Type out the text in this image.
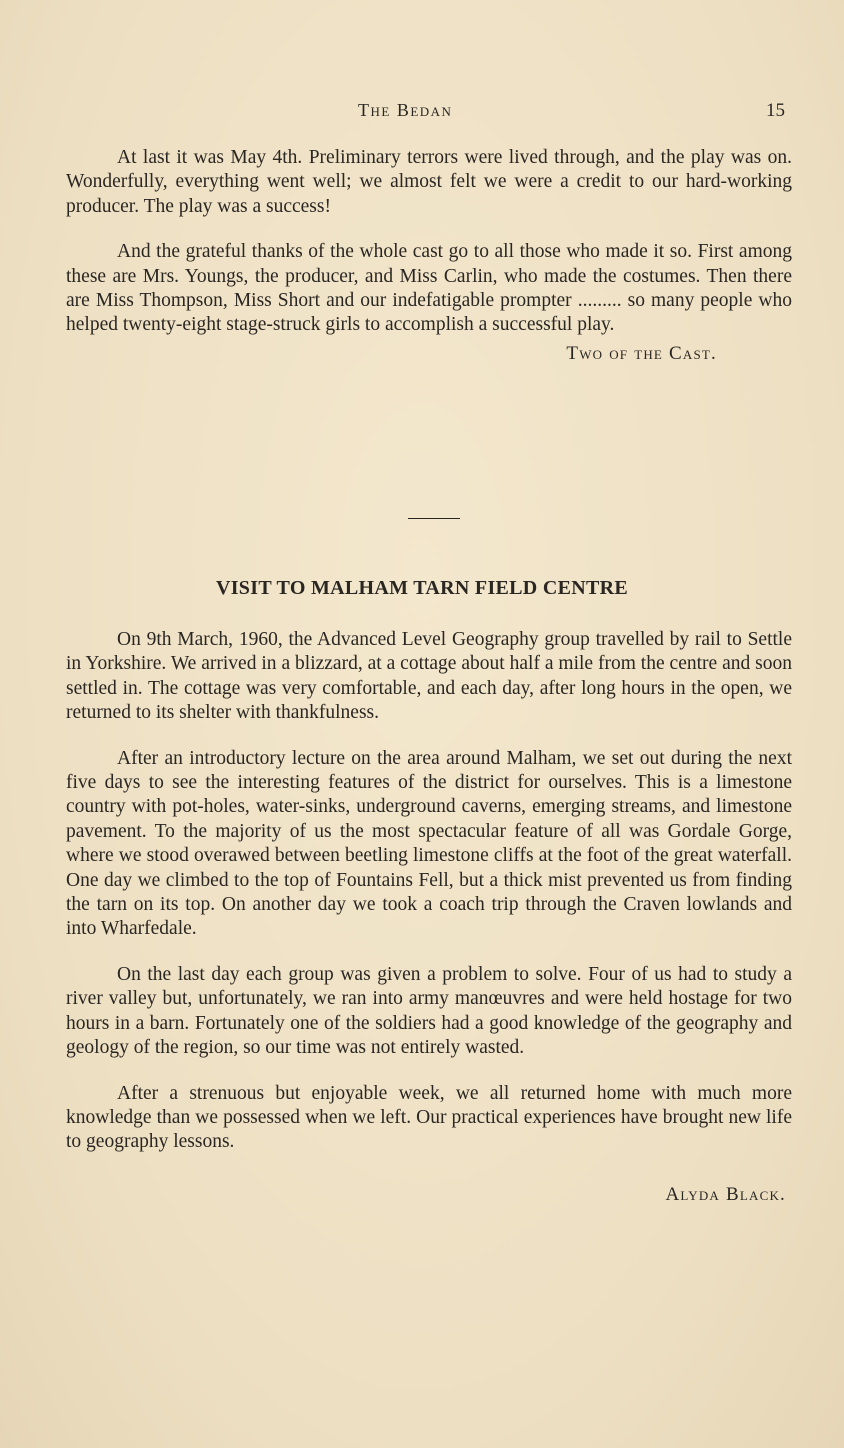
The Bedan	15

At last it was May 4th. Preliminary terrors were lived through, and the play was on. Wonderfully, everything went well; we almost felt we were a credit to our hard-working producer. The play was a success!

And the grateful thanks of the whole cast go to all those who made it so. First among these are Mrs. Youngs, the producer, and Miss Carlin, who made the costumes. Then there are Miss Thompson, Miss Short and our indefatigable prompter ......... so many people who helped twenty-eight stage-struck girls to accomplish a successful play.

Two of the Cast.
VISIT TO MALHAM TARN FIELD CENTRE

On 9th March, 1960, the Advanced Level Geography group travelled by rail to Settle in Yorkshire. We arrived in a blizzard, at a cottage about half a mile from the centre and soon settled in. The cottage was very comfortable, and each day, after long hours in the open, we returned to its shelter with thankfulness.

After an introductory lecture on the area around Malham, we set out during the next five days to see the interesting features of the district for ourselves. This is a limestone country with pot-holes, water-sinks, underground caverns, emerging streams, and limestone pavement. To the majority of us the most spectacular feature of all was Gordale Gorge, where we stood overawed between beetling limestone cliffs at the foot of the great waterfall. One day we climbed to the top of Fountains Fell, but a thick mist prevented us from finding the tarn on its top. On another day we took a coach trip through the Craven lowlands and into Wharfedale.

On the last day each group was given a problem to solve. Four of us had to study a river valley but, unfortunately, we ran into army manœuvres and were held hostage for two hours in a barn. Fortunately one of the soldiers had a good knowledge of the geography and geology of the region, so our time was not entirely wasted.

After a strenuous but enjoyable week, we all returned home with much more knowledge than we possessed when we left. Our practical experiences have brought new life to geography lessons.

Alyda Black.
